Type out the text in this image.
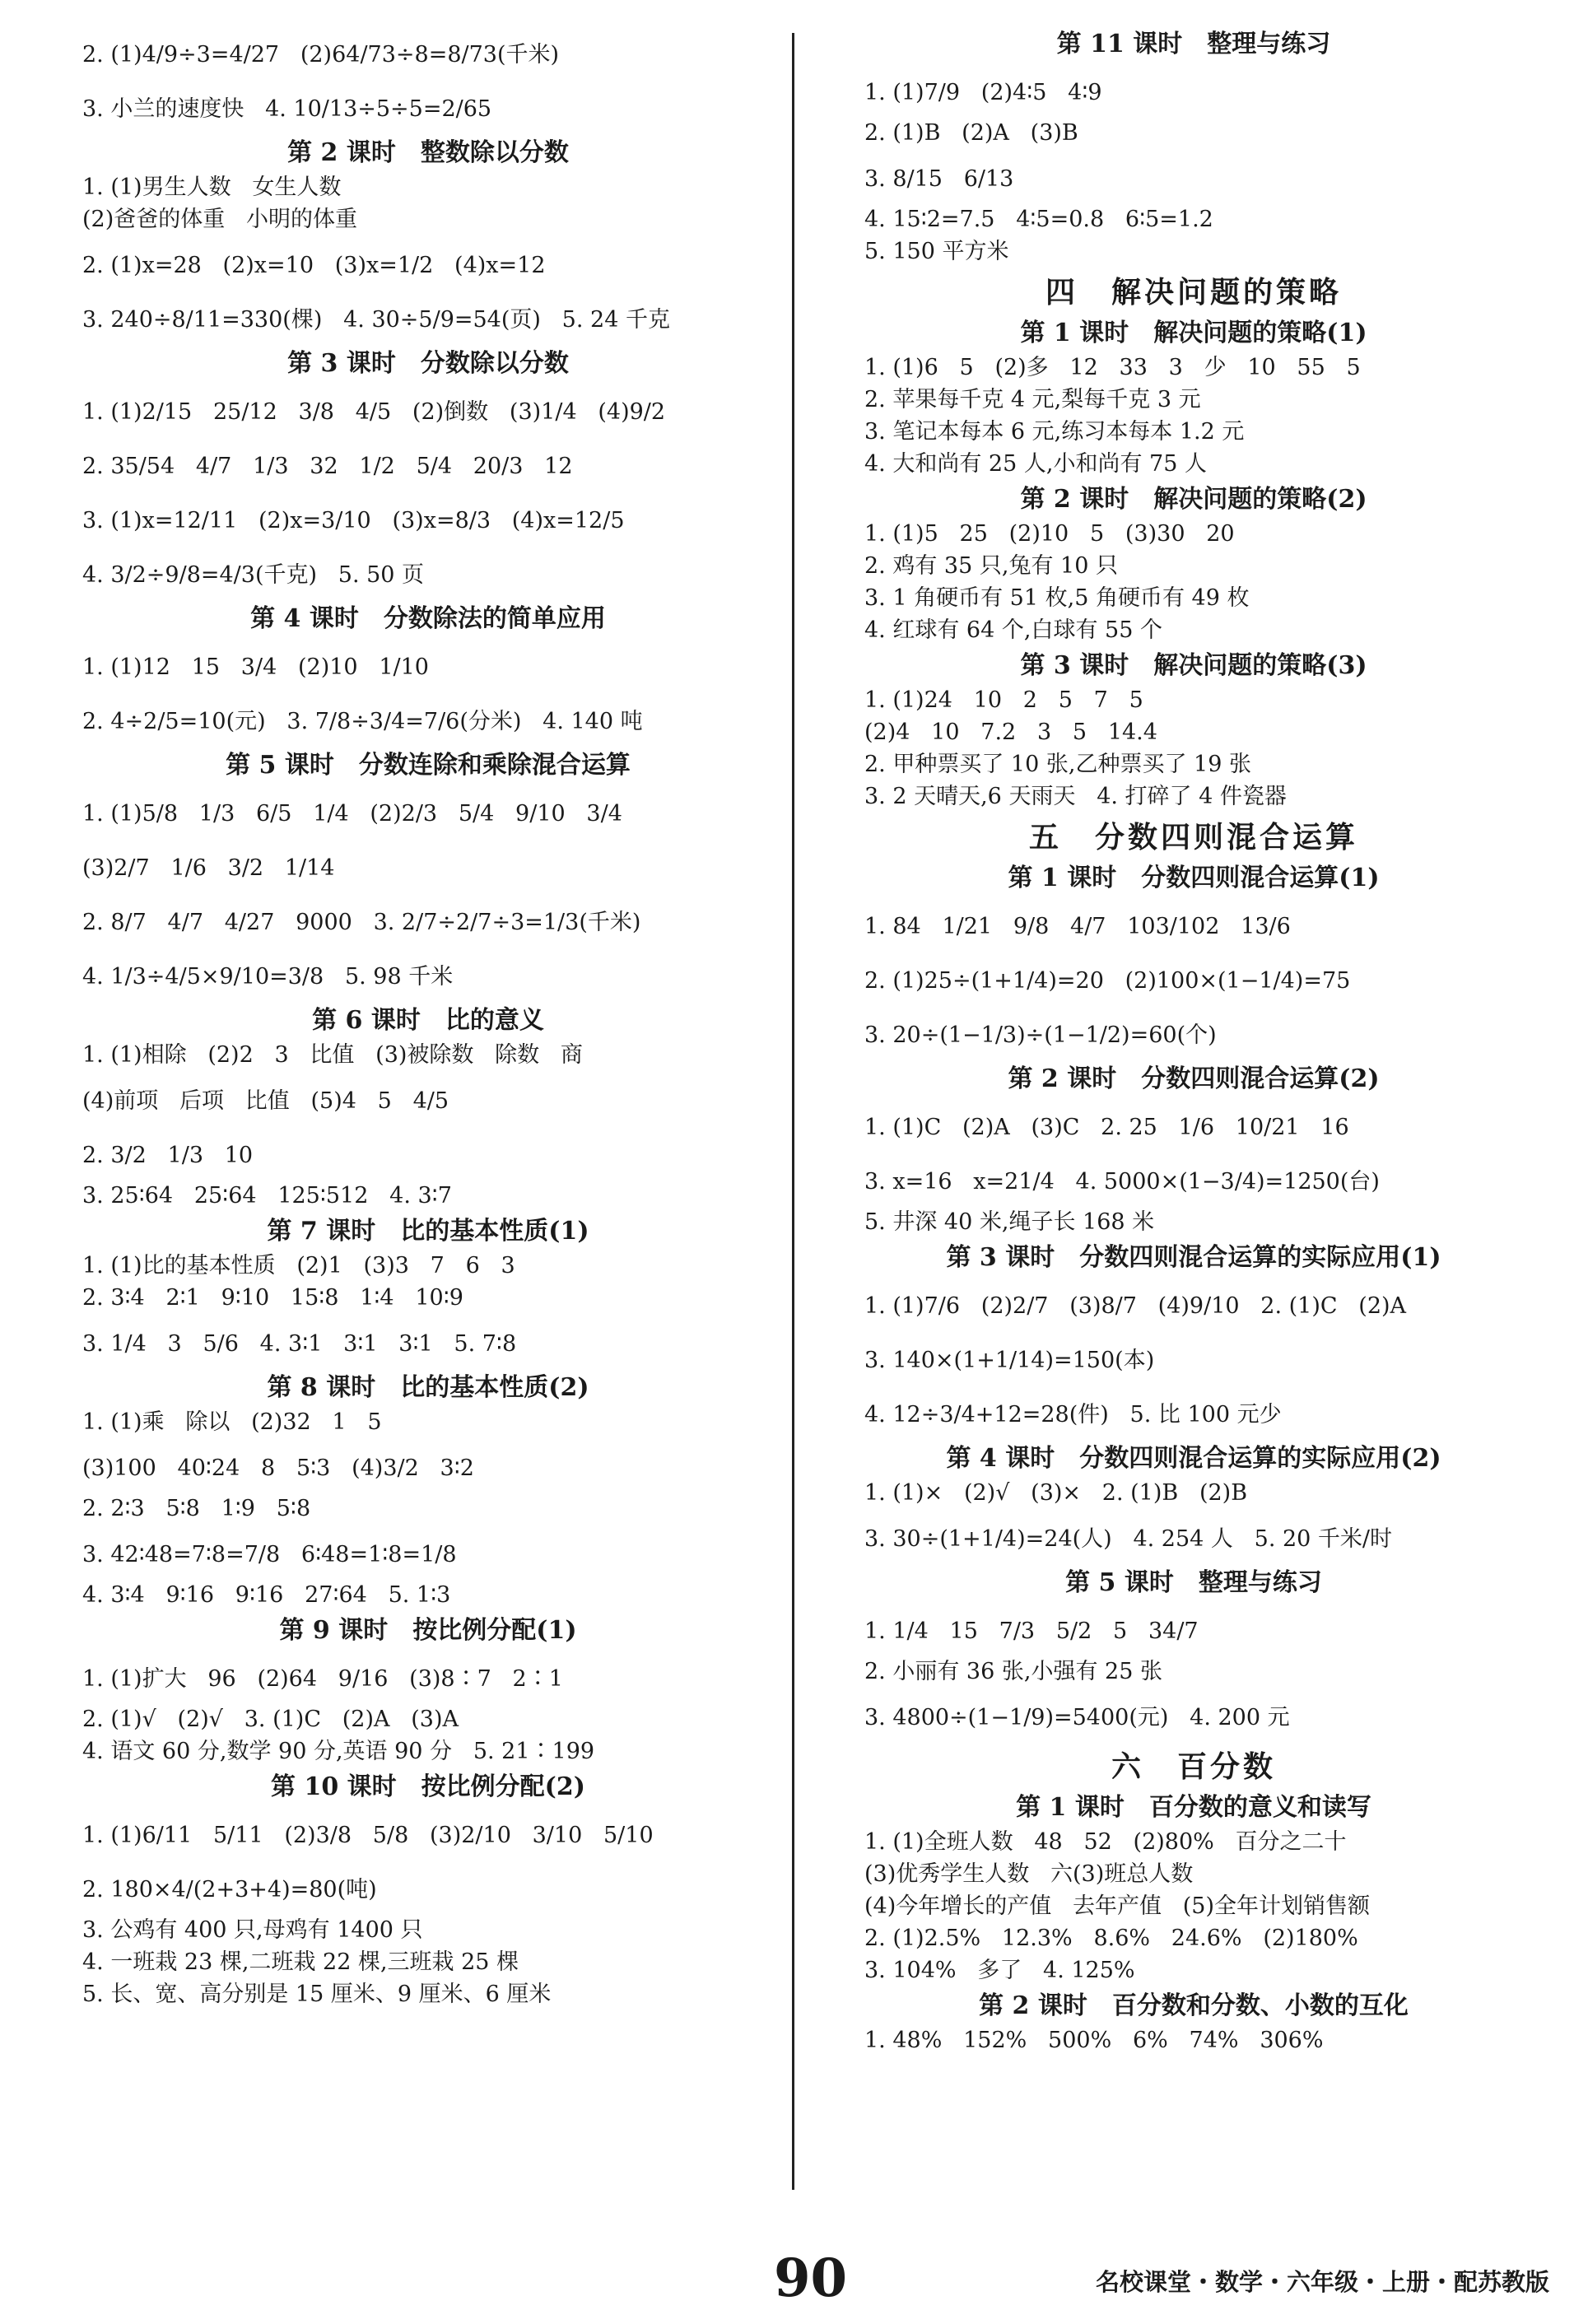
2. (1)4/9÷3=4/27   (2)64/73÷8=8/73(千米)
3. 小兰的速度快   4. 10/13÷5÷5=2/65
第 2 课时　整数除以分数
1. (1)男生人数   女生人数
(2)爸爸的体重   小明的体重
2. (1)x=28   (2)x=10   (3)x=1/2   (4)x=12
3. 240÷8/11=330(棵)   4. 30÷5/9=54(页)   5. 24 千克
第 3 课时　分数除以分数
1. (1)2/15   25/12   3/8   4/5   (2)倒数   (3)1/4   (4)9/2
2. 35/54   4/7   1/3   32   1/2   5/4   20/3   12
3. (1)x=12/11   (2)x=3/10   (3)x=8/3   (4)x=12/5
4. 3/2÷9/8=4/3(千克)   5. 50 页
第 4 课时　分数除法的简单应用
1. (1)12   15   3/4   (2)10   1/10
2. 4÷2/5=10(元)   3. 7/8÷3/4=7/6(分米)   4. 140 吨
第 5 课时　分数连除和乘除混合运算
1. (1)5/8   1/3   6/5   1/4   (2)2/3   5/4   9/10   3/4
(3)2/7   1/6   3/2   1/14
2. 8/7   4/7   4/27   9000   3. 2/7÷2/7÷3=1/3(千米)
4. 1/3÷4/5×9/10=3/8   5. 98 千米
第 6 课时　比的意义
1. (1)相除   (2)2   3   比值   (3)被除数   除数   商
(4)前项   后项   比值   (5)4   5   4/5
2. 3/2   1/3   10
3. 25∶64   25∶64   125∶512   4. 3∶7
第 7 课时　比的基本性质(1)
1. (1)比的基本性质   (2)1   (3)3   7   6   3
2. 3∶4   2∶1   9∶10   15∶8   1∶4   10∶9
3. 1/4   3   5/6   4. 3∶1   3∶1   3∶1   5. 7∶8
第 8 课时　比的基本性质(2)
1. (1)乘   除以   (2)32   1   5
(3)100   40∶24   8   5∶3   (4)3/2   3∶2
2. 2∶3   5∶8   1∶9   5∶8
3. 42∶48=7∶8=7/8   6∶48=1∶8=1/8
4. 3∶4   9∶16   9∶16   27∶64   5. 1∶3
第 9 课时　按比例分配(1)
1. (1)扩大   96   (2)64   9/16   (3)8∶7   2∶1
2. (1)√   (2)√   3. (1)C   (2)A   (3)A
4. 语文 60 分,数学 90 分,英语 90 分   5. 21∶199
第 10 课时　按比例分配(2)
1. (1)6/11   5/11   (2)3/8   5/8   (3)2/10   3/10   5/10
2. 180×4/(2+3+4)=80(吨)
3. 公鸡有 400 只,母鸡有 1400 只
4. 一班栽 23 棵,二班栽 22 棵,三班栽 25 棵
5. 长、宽、高分别是 15 厘米、9 厘米、6 厘米
第 11 课时　整理与练习
1. (1)7/9   (2)4∶5   4∶9
2. (1)B   (2)A   (3)B
3. 8/15   6/13
4. 15∶2=7.5   4∶5=0.8   6∶5=1.2
5. 150 平方米
四　解决问题的策略
第 1 课时　解决问题的策略(1)
1. (1)6   5   (2)多   12   33   3   少   10   55   5
2. 苹果每千克 4 元,梨每千克 3 元
3. 笔记本每本 6 元,练习本每本 1.2 元
4. 大和尚有 25 人,小和尚有 75 人
第 2 课时　解决问题的策略(2)
1. (1)5   25   (2)10   5   (3)30   20
2. 鸡有 35 只,兔有 10 只
3. 1 角硬币有 51 枚,5 角硬币有 49 枚
4. 红球有 64 个,白球有 55 个
第 3 课时　解决问题的策略(3)
1. (1)24   10   2   5   7   5
(2)4   10   7.2   3   5   14.4
2. 甲种票买了 10 张,乙种票买了 19 张
3. 2 天晴天,6 天雨天   4. 打碎了 4 件瓷器
五　分数四则混合运算
第 1 课时　分数四则混合运算(1)
1. 84   1/21   9/8   4/7   103/102   13/6
2. (1)25÷(1+1/4)=20   (2)100×(1−1/4)=75
3. 20÷(1−1/3)÷(1−1/2)=60(个)
第 2 课时　分数四则混合运算(2)
1. (1)C   (2)A   (3)C   2. 25   1/6   10/21   16
3. x=16   x=21/4   4. 5000×(1−3/4)=1250(台)
5. 井深 40 米,绳子长 168 米
第 3 课时　分数四则混合运算的实际应用(1)
1. (1)7/6   (2)2/7   (3)8/7   (4)9/10   2. (1)C   (2)A
3. 140×(1+1/14)=150(本)
4. 12÷3/4+12=28(件)   5. 比 100 元少
第 4 课时　分数四则混合运算的实际应用(2)
1. (1)×   (2)√   (3)×   2. (1)B   (2)B
3. 30÷(1+1/4)=24(人)   4. 254 人   5. 20 千米/时
第 5 课时　整理与练习
1. 1/4   15   7/3   5/2   5   34/7
2. 小丽有 36 张,小强有 25 张
3. 4800÷(1−1/9)=5400(元)   4. 200 元
六　百分数
第 1 课时　百分数的意义和读写
1. (1)全班人数   48   52   (2)80%   百分之二十
(3)优秀学生人数   六(3)班总人数
(4)今年增长的产值   去年产值   (5)全年计划销售额
2. (1)2.5%   12.3%   8.6%   24.6%   (2)180%
3. 104%   多了   4. 125%
第 2 课时　百分数和分数、小数的互化
1. 48%   152%   500%   6%   74%   306%
90	名校课堂・数学・六年级・上册・配苏教版
